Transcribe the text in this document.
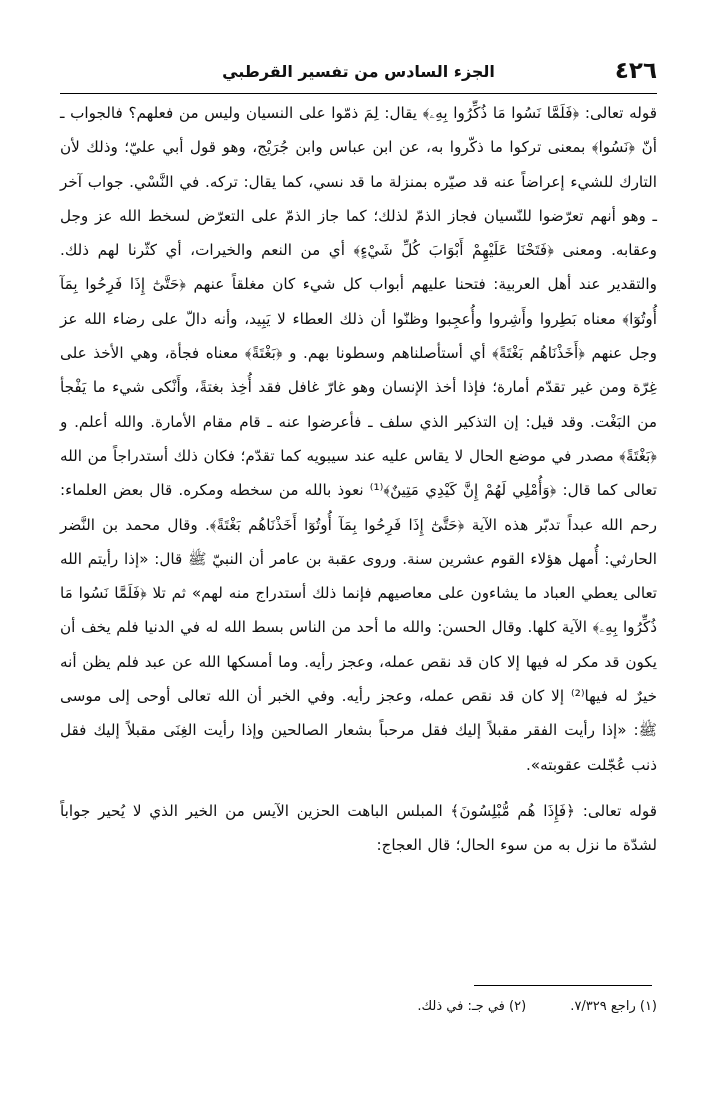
٤٢٦
الجزء السادس من تفسير القرطبي

قوله تعالى: ﴿فَلَمَّا نَسُوا مَا ذُكِّرُوا بِهِۦ﴾ يقال: لِمَ ذمّوا على النسيان وليس من فعلهم؟ فالجواب ـ أنّ ﴿نَسُوا﴾ بمعنى تركوا ما ذكّروا به، عن ابن عباس وابن جُرَيْج، وهو قول أبي عليّ؛ وذلك لأن التارك للشيء إعراضاً عنه قد صيّره بمنزلة ما قد نسي، كما يقال: تركه. في النَّسْي. جواب آخر ـ وهو أنهم تعرّضوا للنّسيان فجاز الذمّ لذلك؛ كما جاز الذمّ على التعرّض لسخط الله عز وجل وعقابه. ومعنى ﴿فَتَحْنَا عَلَيْهِمْ أَبْوَابَ كُلِّ شَيْءٍ﴾ أي من النعم والخيرات، أي كثّرنا لهم ذلك. والتقدير عند أهل العربية: فتحنا عليهم أبواب كل شيء كان مغلقاً عنهم ﴿حَتَّىٰٓ إِذَا فَرِحُوا بِمَآ أُوتُوٓا﴾ معناه بَطِروا وأَشِروا وأُعجِبوا وظنّوا أن ذلك العطاء لا يَبِيد، وأنه دالّ على رضاء الله عز وجل عنهم ﴿أَخَذْنَاهُم بَغْتَةً﴾ أي أستأصلناهم وسطونا بهم. و ﴿بَغْتَةً﴾ معناه فجأة، وهي الأخذ على غِرّة ومن غير تقدّم أمارة؛ فإذا أخذ الإنسان وهو غارّ غافل فقد أُخِذ بغتةً، وأَنْكى شيء ما يَفْجأ من البَغْت. وقد قيل: إن التذكير الذي سلف ـ فأعرضوا عنه ـ قام مقام الأمارة. والله أعلم. و ﴿بَغْتَةً﴾ مصدر في موضع الحال لا يقاس عليه عند سيبويه كما تقدّم؛ فكان ذلك أستدراجاً من الله تعالى كما قال: ﴿وَأُمْلِي لَهُمْ إِنَّ كَيْدِي مَتِينٌ﴾⁽¹⁾ نعوذ بالله من سخطه ومكره. قال بعض العلماء: رحم الله عبداً تدبّر هذه الآية ﴿حَتَّىٰٓ إِذَا فَرِحُوا بِمَآ أُوتُوٓا أَخَذْنَاهُم بَغْتَةً﴾. وقال محمد بن النَّضر الحارثي: أُمهل هؤلاء القوم عشرين سنة. وروى عقبة بن عامر أن النبيّ ﷺ قال: «إذا رأيتم الله تعالى يعطي العباد ما يشاءون على معاصيهم فإنما ذلك أستدراج منه لهم» ثم تلا ﴿فَلَمَّا نَسُوا مَا ذُكِّرُوا بِهِۦ﴾ الآية كلها. وقال الحسن: والله ما أحد من الناس بسط الله له في الدنيا فلم يخف أن يكون قد مكر له فيها إلا كان قد نقص عمله، وعجز رأيه. وما أمسكها الله عن عبد فلم يظن أنه خيرٌ له فيها⁽²⁾ إلا كان قد نقص عمله، وعجز رأيه. وفي الخبر أن الله تعالى أوحى إلى موسى ﷺ: «إذا رأيت الفقر مقبلاً إليك فقل مرحباً بشعار الصالحين وإذا رأيت الغِنَى مقبلاً إليك فقل ذنب عُجّلت عقوبته».

قوله تعالى: ﴿فَإِذَا هُم مُّبْلِسُونَ﴾ المبلس الباهت الحزين الآيس من الخير الذي لا يُحير جواباً لشدّة ما نزل به من سوء الحال؛ قال العجاج:

(١) راجع ٧/٣٢٩. (٢) في جـ: في ذلك.
